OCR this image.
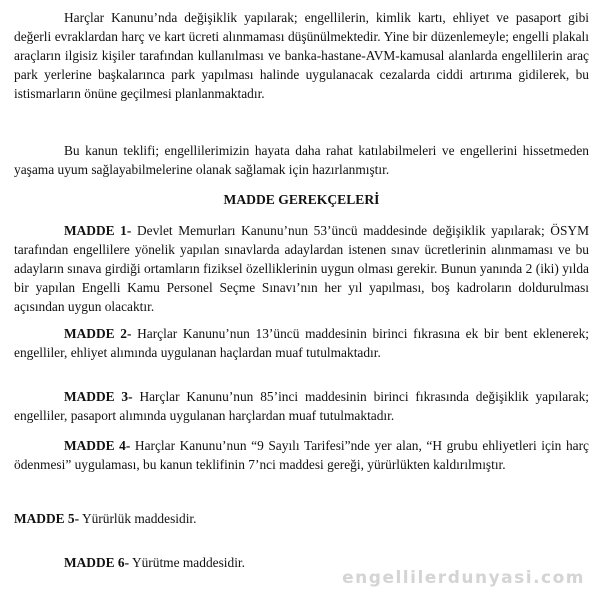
Harçlar Kanunu’nda değişiklik yapılarak; engellilerin, kimlik kartı, ehliyet ve pasaport gibi değerli evraklardan harç ve kart ücreti alınmaması düşünülmektedir. Yine bir düzenlemeyle; engelli plakalı araçların ilgisiz kişiler tarafından kullanılması ve banka-hastane-AVM-kamusal alanlarda engellilerin araç park yerlerine başkalarınca park yapılması halinde uygulanacak cezalarda ciddi artırıma gidilerek, bu istismarların önüne geçilmesi planlanmaktadır.

Bu kanun teklifi; engellilerimizin hayata daha rahat katılabilmeleri ve engellerini hissetmeden yaşama uyum sağlayabilmelerine olanak sağlamak için hazırlanmıştır.

MADDE GEREKÇELERİ

MADDE 1- Devlet Memurları Kanunu’nun 53’üncü maddesinde değişiklik yapılarak; ÖSYM tarafından engellilere yönelik yapılan sınavlarda adaylardan istenen sınav ücretlerinin alınmaması ve bu adayların sınava girdiği ortamların fiziksel özelliklerinin uygun olması gerekir. Bunun yanında 2 (iki) yılda bir yapılan Engelli Kamu Personel Seçme Sınavı’nın her yıl yapılması, boş kadroların doldurulması açısından uygun olacaktır.

MADDE 2- Harçlar Kanunu’nun 13’üncü maddesinin birinci fıkrasına ek bir bent eklenerek; engelliler, ehliyet alımında uygulanan haçlardan muaf tutulmaktadır.

MADDE 3- Harçlar Kanunu’nun 85’inci maddesinin birinci fıkrasında değişiklik yapılarak; engelliler, pasaport alımında uygulanan harçlardan muaf tutulmaktadır.

MADDE 4- Harçlar Kanunu’nun “9 Sayılı Tarifesi”nde yer alan, “H grubu ehliyetleri için harç ödenmesi” uygulaması, bu kanun teklifinin 7’nci maddesi gereği, yürürlükten kaldırılmıştır.

MADDE 5- Yürürlük maddesidir.

MADDE 6- Yürütme maddesidir.

engellilerdunyasi.com
